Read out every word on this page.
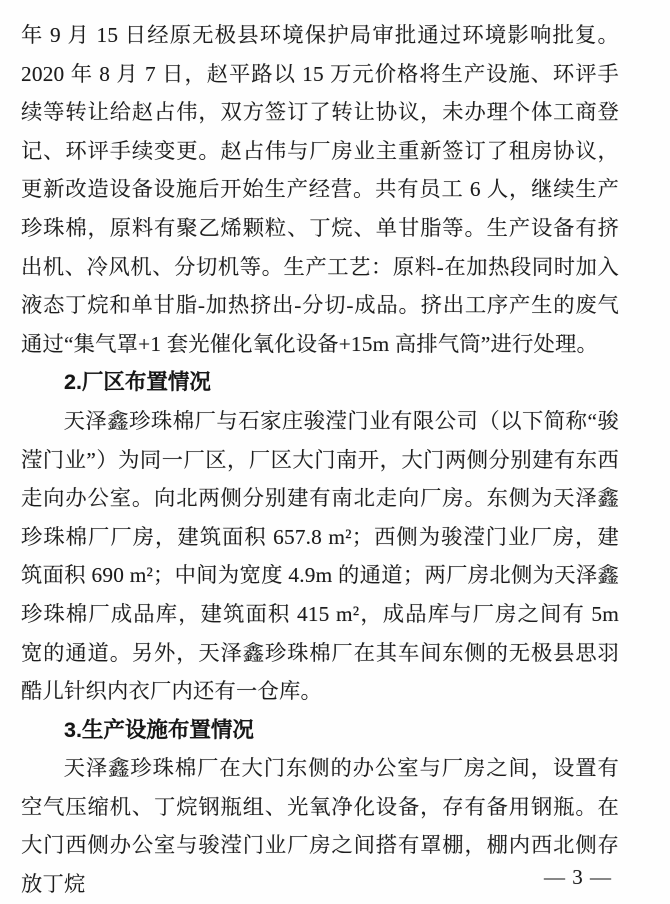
年 9 月 15 日经原无极县环境保护局审批通过环境影响批复。2020 年 8 月 7 日，赵平路以 15 万元价格将生产设施、环评手续等转让给赵占伟，双方签订了转让协议，未办理个体工商登记、环评手续变更。赵占伟与厂房业主重新签订了租房协议，更新改造设备设施后开始生产经营。共有员工 6 人，继续生产珍珠棉，原料有聚乙烯颗粒、丁烷、单甘脂等。生产设备有挤出机、冷风机、分切机等。生产工艺：原料-在加热段同时加入液态丁烷和单甘脂-加热挤出-分切-成品。挤出工序产生的废气通过“集气罩+1 套光催化氧化设备+15m 高排气筒”进行处理。

2.厂区布置情况

天泽鑫珍珠棉厂与石家庄骏滢门业有限公司（以下简称“骏滢门业”）为同一厂区，厂区大门南开，大门两侧分别建有东西走向办公室。向北两侧分别建有南北走向厂房。东侧为天泽鑫珍珠棉厂厂房，建筑面积 657.8 m²；西侧为骏滢门业厂房，建筑面积 690 m²；中间为宽度 4.9m 的通道；两厂房北侧为天泽鑫珍珠棉厂成品库，建筑面积 415 m²，成品库与厂房之间有 5m 宽的通道。另外，天泽鑫珍珠棉厂在其车间东侧的无极县思羽酷儿针织内衣厂内还有一仓库。

3.生产设施布置情况

天泽鑫珍珠棉厂在大门东侧的办公室与厂房之间，设置有空气压缩机、丁烷钢瓶组、光氧净化设备，存有备用钢瓶。在大门西侧办公室与骏滢门业厂房之间搭有罩棚，棚内西北侧存放丁烷	— 3 —
